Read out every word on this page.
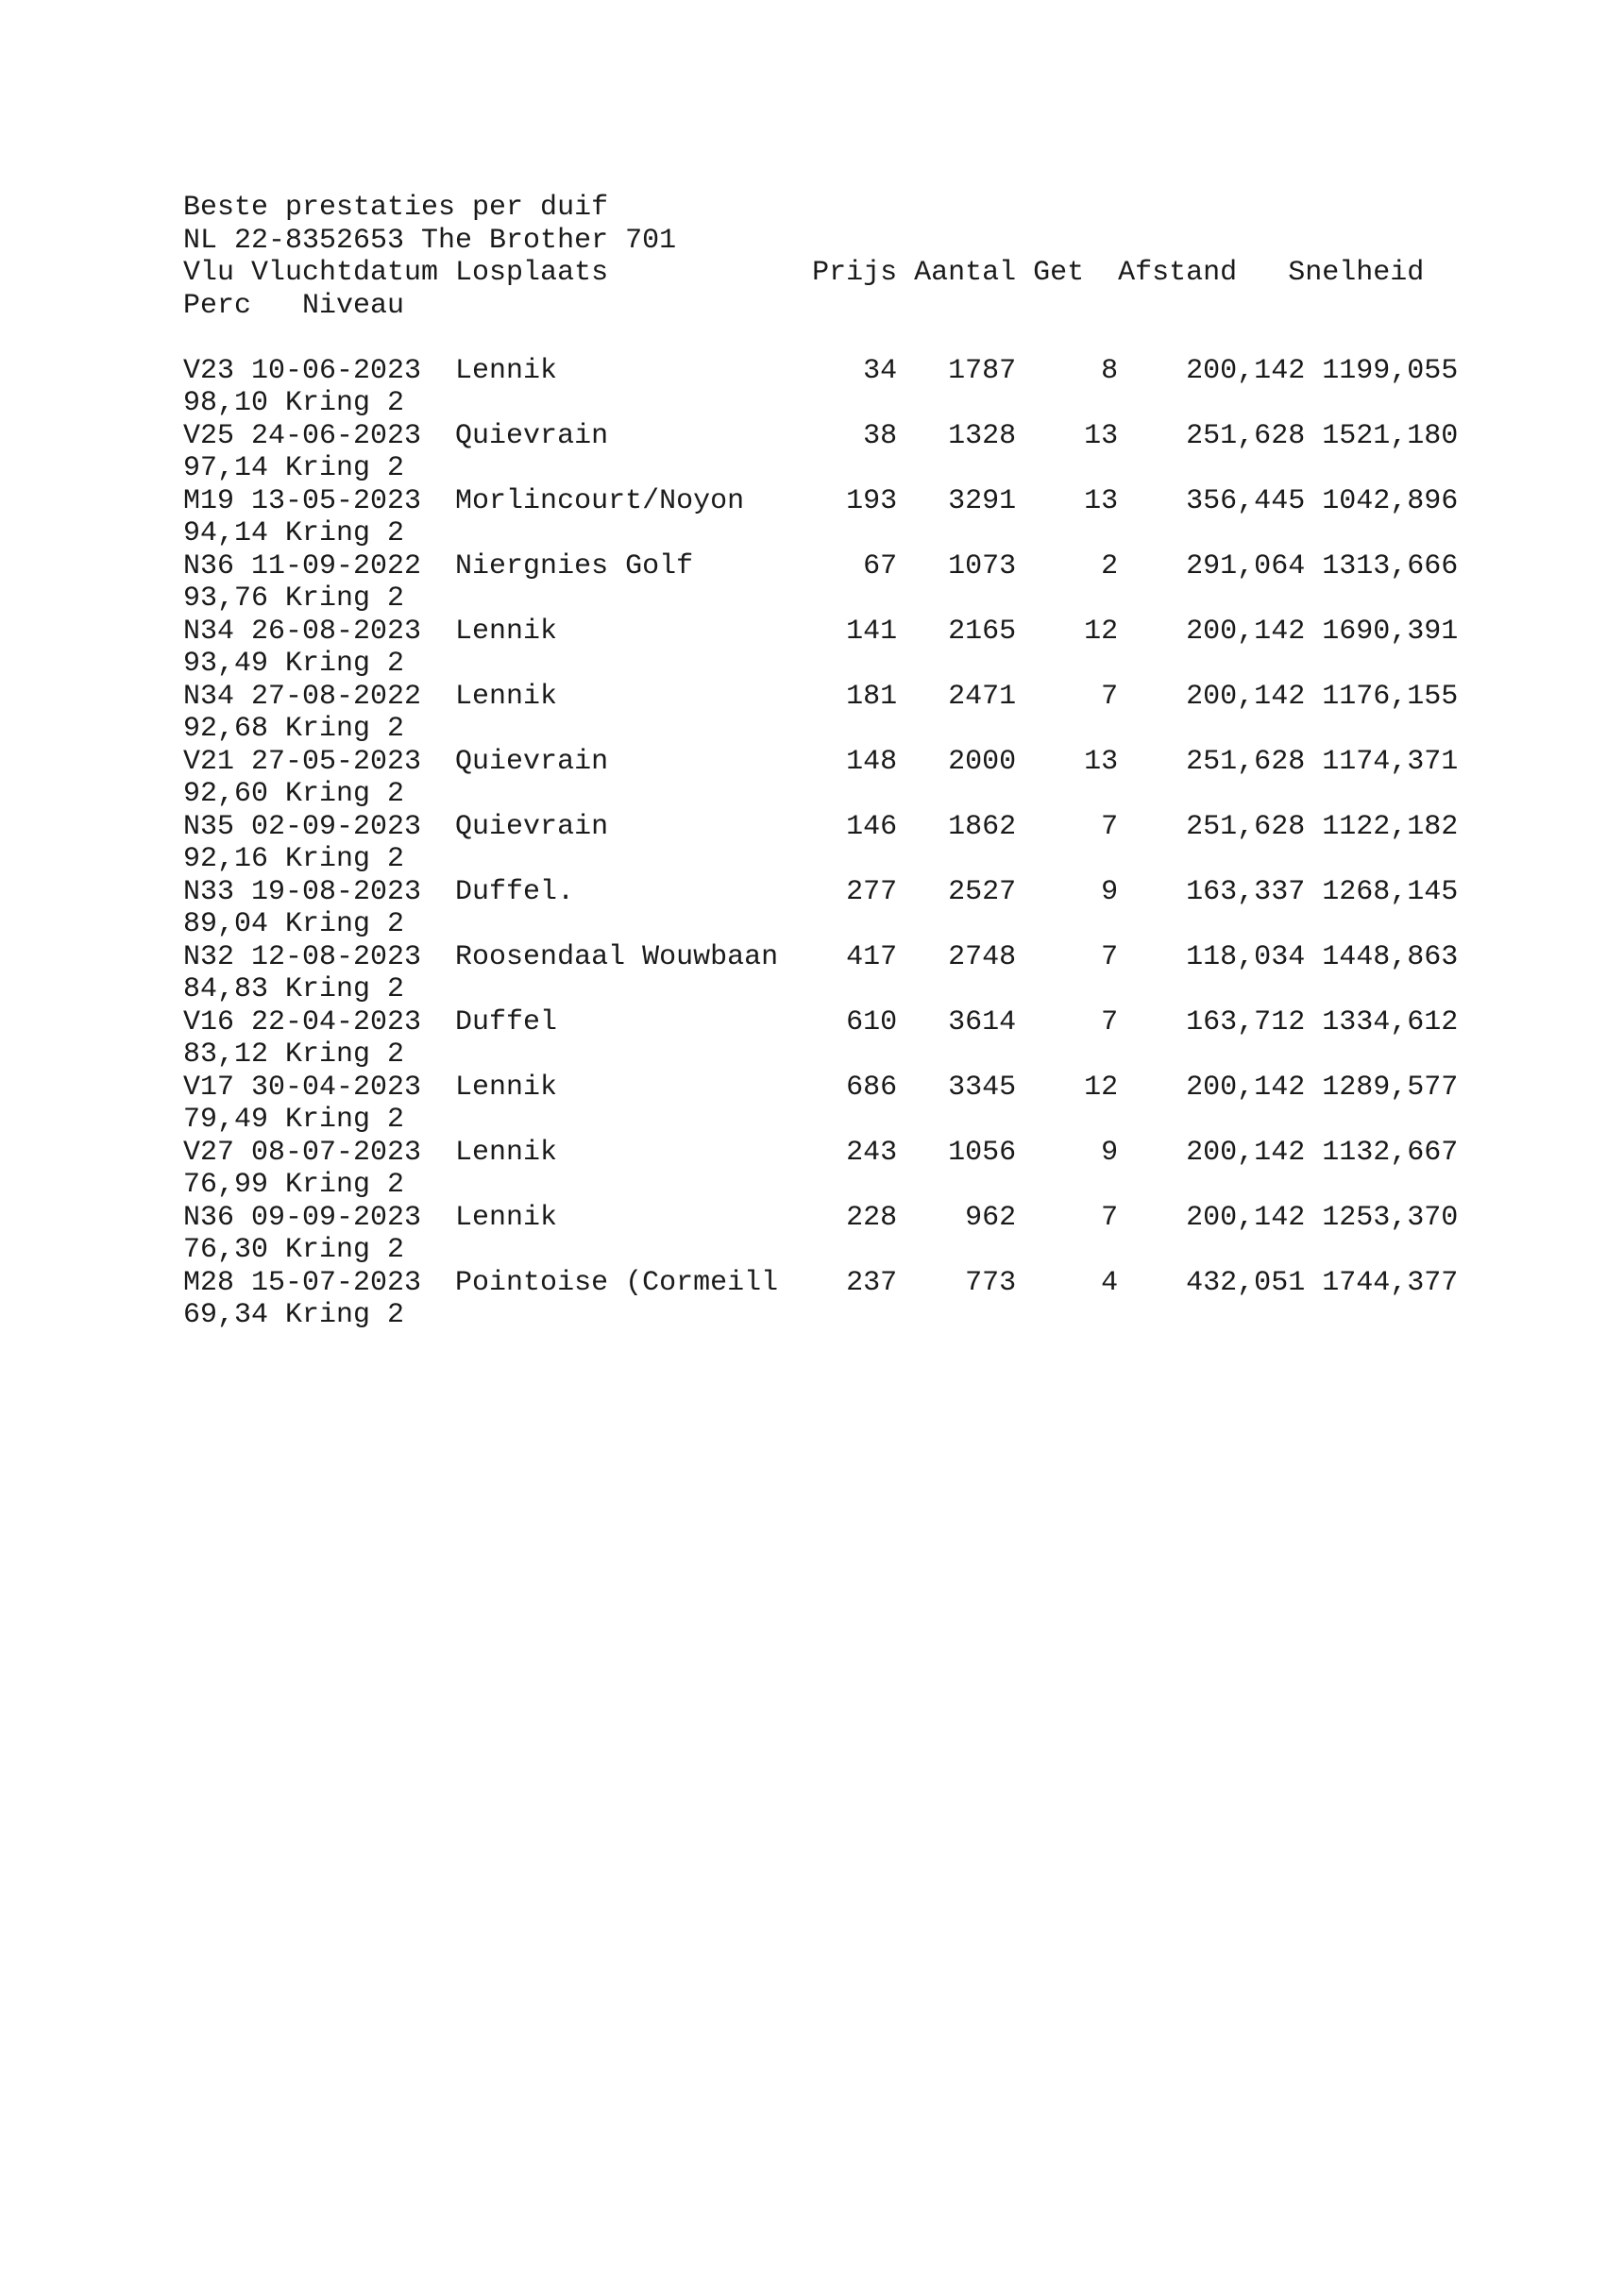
Beste prestaties per duif
NL 22-8352653 The Brother 701
Vlu Vluchtdatum Losplaats            Prijs Aantal Get  Afstand   Snelheid
Perc   Niveau
V23 10-06-2023  Lennik                  34   1787     8    200,142 1199,055
98,10 Kring 2
V25 24-06-2023  Quievrain               38   1328    13    251,628 1521,180
97,14 Kring 2
M19 13-05-2023  Morlincourt/Noyon      193   3291    13    356,445 1042,896
94,14 Kring 2
N36 11-09-2022  Niergnies Golf          67   1073     2    291,064 1313,666
93,76 Kring 2
N34 26-08-2023  Lennik                 141   2165    12    200,142 1690,391
93,49 Kring 2
N34 27-08-2022  Lennik                 181   2471     7    200,142 1176,155
92,68 Kring 2
V21 27-05-2023  Quievrain              148   2000    13    251,628 1174,371
92,60 Kring 2
N35 02-09-2023  Quievrain              146   1862     7    251,628 1122,182
92,16 Kring 2
N33 19-08-2023  Duffel.                277   2527     9    163,337 1268,145
89,04 Kring 2
N32 12-08-2023  Roosendaal Wouwbaan    417   2748     7    118,034 1448,863
84,83 Kring 2
V16 22-04-2023  Duffel                 610   3614     7    163,712 1334,612
83,12 Kring 2
V17 30-04-2023  Lennik                 686   3345    12    200,142 1289,577
79,49 Kring 2
V27 08-07-2023  Lennik                 243   1056     9    200,142 1132,667
76,99 Kring 2
N36 09-09-2023  Lennik                 228    962     7    200,142 1253,370
76,30 Kring 2
M28 15-07-2023  Pointoise (Cormeill    237    773     4    432,051 1744,377
69,34 Kring 2
